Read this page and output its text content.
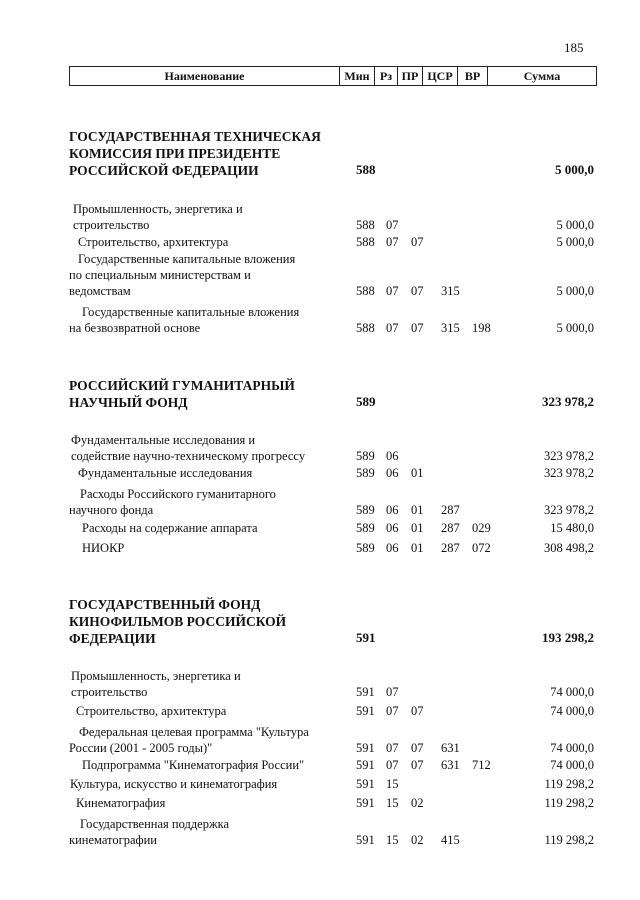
185
Наименование	Мин	Рз	ПР	ЦСР	ВР	Сумма
ГОСУДАРСТВЕННАЯ ТЕХНИЧЕСКАЯ
КОМИССИЯ ПРИ ПРЕЗИДЕНТЕ
РОССИЙСКОЙ ФЕДЕРАЦИИ	588	5 000,0
Промышленность, энергетика и
строительство	588 07	5 000,0
Строительство, архитектура	588 07 07	5 000,0
Государственные капитальные вложения
по специальным министерствам и
ведомствам	588 07 07 315	5 000,0
Государственные капитальные вложения
на безвозвратной основе	588 07 07 315 198	5 000,0
РОССИЙСКИЙ ГУМАНИТАРНЫЙ
НАУЧНЫЙ ФОНД	589	323 978,2
Фундаментальные исследования и
содействие научно-техническому прогрессу	589 06	323 978,2
Фундаментальные исследования	589 06 01	323 978,2
Расходы Российского гуманитарного
научного фонда	589 06 01 287	323 978,2
Расходы на содержание аппарата	589 06 01 287 029	15 480,0
НИОКР	589 06 01 287 072	308 498,2
ГОСУДАРСТВЕННЫЙ ФОНД
КИНОФИЛЬМОВ РОССИЙСКОЙ
ФЕДЕРАЦИИ	591	193 298,2
Промышленность, энергетика и
строительство	591 07	74 000,0
Строительство, архитектура	591 07 07	74 000,0
Федеральная целевая программа "Культура
России (2001 - 2005 годы)"	591 07 07 631	74 000,0
Подпрограмма "Кинематография России"	591 07 07 631 712	74 000,0
Культура, искусство и кинематография	591 15	119 298,2
Кинематография	591 15 02	119 298,2
Государственная поддержка
кинематографии	591 15 02 415	119 298,2
